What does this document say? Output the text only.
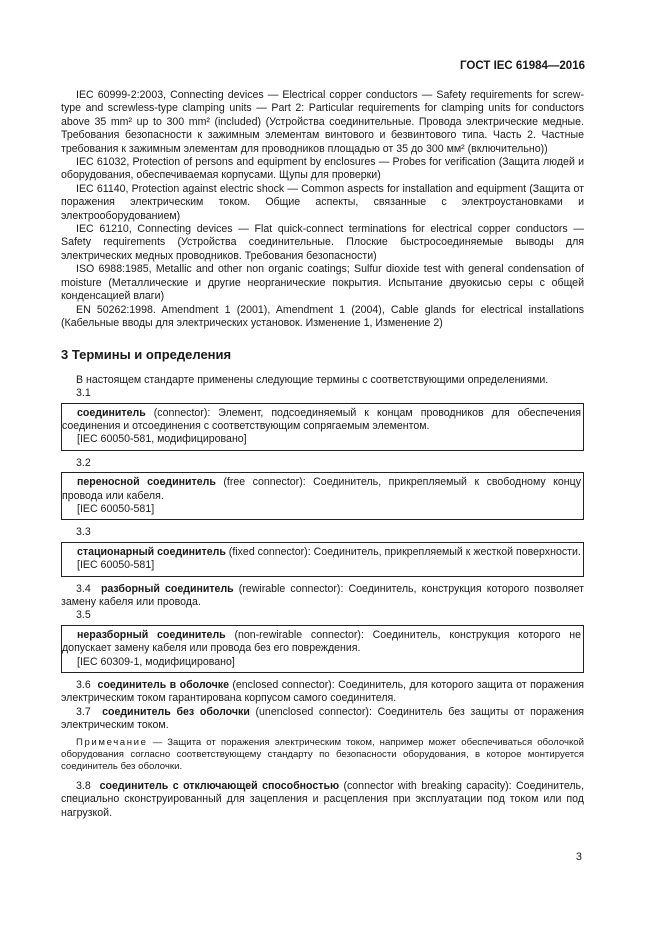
ГОСТ IEC 61984—2016

IEC 60999-2:2003, Connecting devices — Electrical copper conductors — Safety requirements for screw-type and screwless-type clamping units — Part 2: Particular requirements for clamping units for conductors above 35 mm² up to 300 mm² (included) (Устройства соединительные. Провода электрические медные. Требования безопасности к зажимным элементам винтового и безвинтового типа. Часть 2. Частные требования к зажимным элементам для проводников площадью от 35 до 300 мм² (включительно))

IEC 61032, Protection of persons and equipment by enclosures — Probes for verification (Защита людей и оборудования, обеспечиваемая корпусами. Щупы для проверки)

IEC 61140, Protection against electric shock — Common aspects for installation and equipment (Защита от поражения электрическим током. Общие аспекты, связанные с электроустановками и электрооборудованием)

IEC 61210, Connecting devices — Flat quick-connect terminations for electrical copper conductors — Safety requirements (Устройства соединительные. Плоские быстросоединяемые выводы для электрических медных проводников. Требования безопасности)

ISO 6988:1985, Metallic and other non organic coatings; Sulfur dioxide test with general condensation of moisture (Металлические и другие неорганические покрытия. Испытание двуокисью серы с общей конденсацией влаги)

EN 50262:1998. Amendment 1 (2001), Amendment 1 (2004), Cable glands for electrical installations (Кабельные вводы для электрических установок. Изменение 1, Изменение 2)

3 Термины и определения

В настоящем стандарте применены следующие термины с соответствующими определениями.

3.1

соединитель (connector): Элемент, подсоединяемый к концам проводников для обеспечения соединения и отсоединения с соответствующим сопрягаемым элементом.

[IEC 60050-581, модифицировано]

3.2

переносной соединитель (free connector): Соединитель, прикрепляемый к свободному концу провода или кабеля.

[IEC 60050-581]

3.3

стационарный соединитель (fixed connector): Соединитель, прикрепляемый к жесткой поверхности.

[IEC 60050-581]

3.4 разборный соединитель (rewirable connector): Соединитель, конструкция которого позволяет замену кабеля или провода.

3.5

неразборный соединитель (non-rewirable connector): Соединитель, конструкция которого не допускает замену кабеля или провода без его повреждения.

[IEC 60309-1, модифицировано]

3.6 соединитель в оболочке (enclosed connector): Соединитель, для которого защита от поражения электрическим током гарантирована корпусом самого соединителя.

3.7 соединитель без оболочки (unenclosed connector): Соединитель без защиты от поражения электрическим током.

Примечание — Защита от поражения электрическим током, например может обеспечиваться оболочкой оборудования согласно соответствующему стандарту по безопасности оборудования, в которое монтируется соединитель без оболочки.

3.8 соединитель с отключающей способностью (connector with breaking capacity): Соединитель, специально сконструированный для зацепления и расцепления при эксплуатации под током или под нагрузкой.

3
